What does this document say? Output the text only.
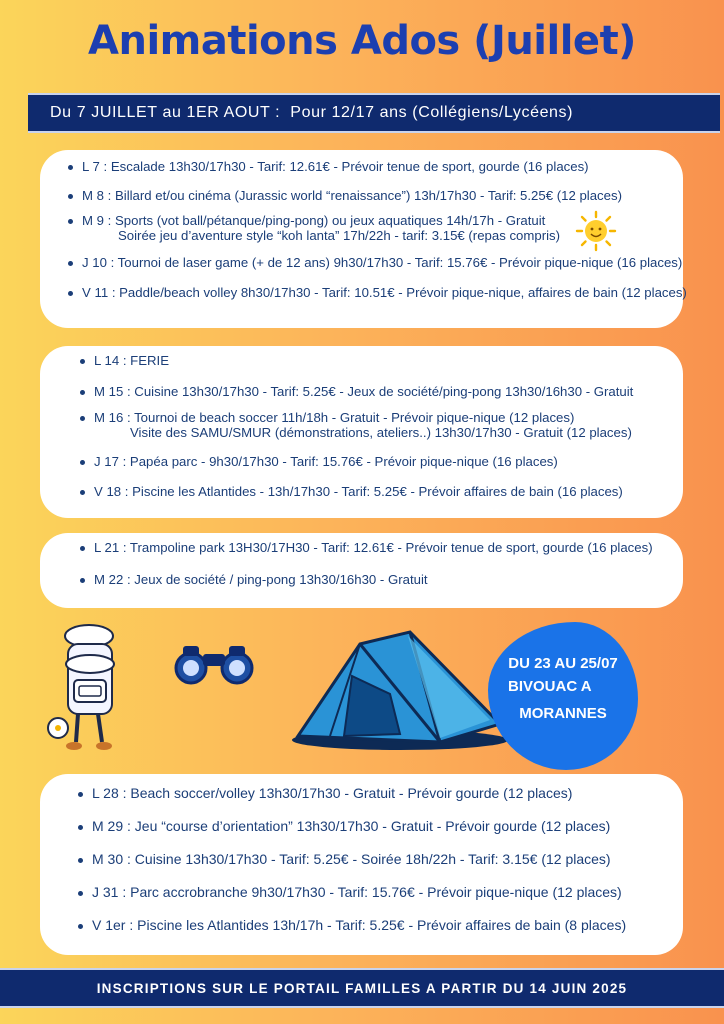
Animations Ados (Juillet)
Du 7 JUILLET au 1ER AOUT :  Pour 12/17 ans (Collégiens/Lycéens)
L 7 : Escalade 13h30/17h30 - Tarif: 12.61€ - Prévoir tenue de sport, gourde (16 places)
M 8 : Billard et/ou cinéma (Jurassic world “renaissance”) 13h/17h30 - Tarif: 5.25€ (12 places)
M 9 : Sports (vot ball/pétanque/ping-pong) ou jeux aquatiques 14h/17h - Gratuit
Soirée jeu d’aventure style “koh lanta” 17h/22h - tarif: 3.15€ (repas compris)
J 10 : Tournoi de laser game (+ de 12 ans) 9h30/17h30 - Tarif: 15.76€ - Prévoir pique-nique (16 places)
V 11 : Paddle/beach volley 8h30/17h30 - Tarif: 10.51€ - Prévoir pique-nique, affaires de bain (12 places)
L 14 : FERIE
M 15 : Cuisine 13h30/17h30 - Tarif: 5.25€ - Jeux de société/ping-pong 13h30/16h30 - Gratuit
M 16 : Tournoi de beach soccer 11h/18h - Gratuit - Prévoir pique-nique (12 places)
Visite des SAMU/SMUR (démonstrations, ateliers..) 13h30/17h30 - Gratuit (12 places)
J 17 : Papéa parc - 9h30/17h30 - Tarif: 15.76€ - Prévoir pique-nique (16 places)
V 18 : Piscine les Atlantides - 13h/17h30 - Tarif: 5.25€ - Prévoir affaires de bain (16 places)
L 21 : Trampoline park 13H30/17H30 - Tarif: 12.61€ - Prévoir tenue de sport, gourde (16 places)
M 22 : Jeux de société / ping-pong 13h30/16h30 - Gratuit
DU 23 AU 25/07
BIVOUAC A
MORANNES
L 28 : Beach soccer/volley 13h30/17h30 - Gratuit - Prévoir gourde (12 places)
M 29 : Jeu “course d’orientation” 13h30/17h30 - Gratuit - Prévoir gourde (12 places)
M 30 : Cuisine 13h30/17h30 - Tarif: 5.25€ - Soirée 18h/22h - Tarif: 3.15€ (12 places)
J 31 : Parc accrobranche 9h30/17h30 - Tarif: 15.76€ - Prévoir pique-nique (12 places)
V 1er : Piscine les Atlantides 13h/17h - Tarif: 5.25€ - Prévoir affaires de bain (8 places)
INSCRIPTIONS SUR LE PORTAIL FAMILLES A PARTIR DU 14 JUIN 2025
